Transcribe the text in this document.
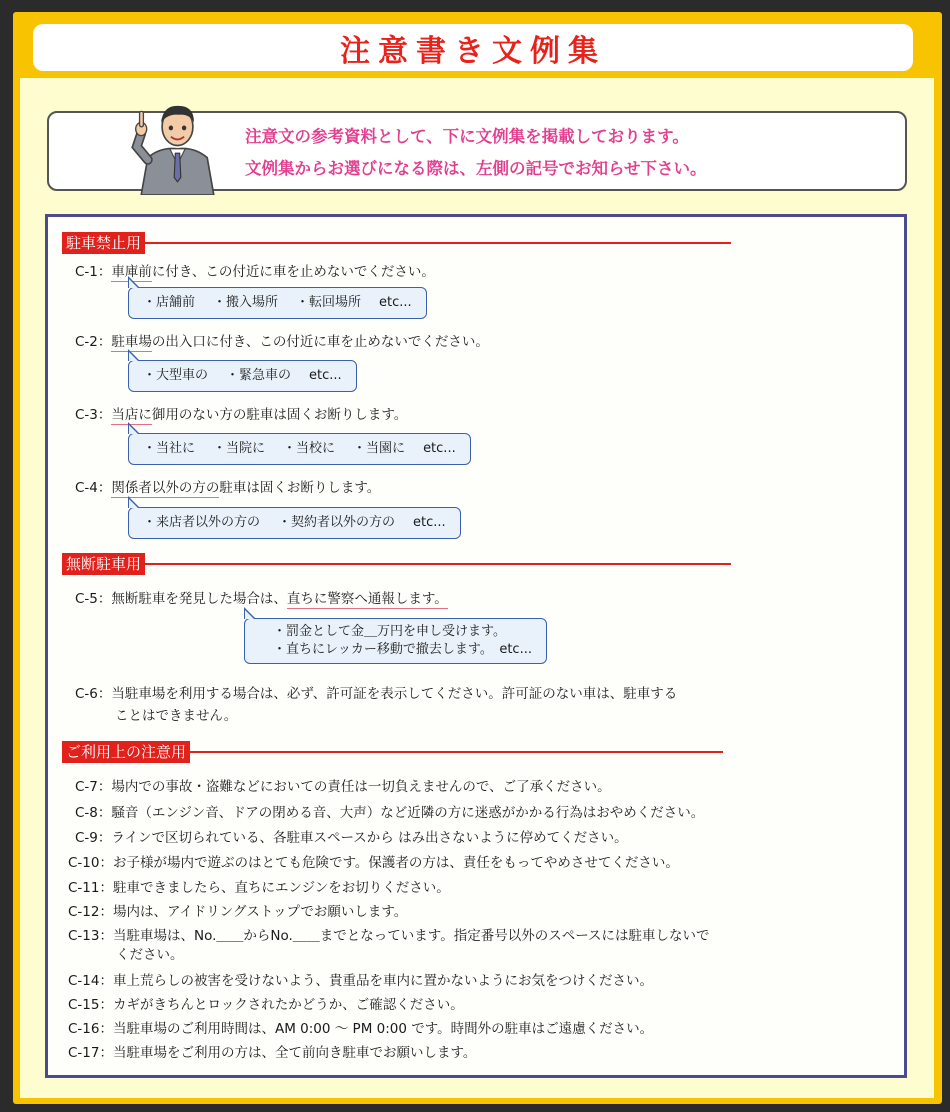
注意書き文例集
注意文の参考資料として、下に文例集を掲載しております。
文例集からお選びになる際は、左側の記号でお知らせ下さい。
駐車禁止用
C-1：車庫前に付き、この付近に車を止めないでください。
・店舗前 ・搬入場所 ・転回場所 etc...
C-2：駐車場の出入口に付き、この付近に車を止めないでください。
・大型車の ・緊急車の etc...
C-3：当店に御用のない方の駐車は固くお断りします。
・当社に ・当院に ・当校に ・当園に etc...
C-4：関係者以外の方の駐車は固くお断りします。
・来店者以外の方の ・契約者以外の方の etc...
無断駐車用
C-5：無断駐車を発見した場合は、直ちに警察へ通報します。
・罰金として金＿万円を申し受けます。
・直ちにレッカー移動で撤去します。　etc...
C-6：当駐車場を利用する場合は、必ず、許可証を表示してください。許可証のない車は、駐車する
ことはできません。
ご利用上の注意用
C-7：場内での事故・盗難などにおいての責任は一切負えませんので、ご了承ください。
C-8：騒音（エンジン音、ドアの閉める音、大声）など近隣の方に迷惑がかかる行為はおやめください。
C-9：ラインで区切られている、各駐車スペースから はみ出さないように停めてください。
C-10：お子様が場内で遊ぶのはとても危険です。保護者の方は、責任をもってやめさせてください。
C-11：駐車できましたら、直ちにエンジンをお切りください。
C-12：場内は、アイドリングストップでお願いします。
C-13：当駐車場は、No.＿＿からNo.＿＿までとなっています。指定番号以外のスペースには駐車しないで
ください。
C-14：車上荒らしの被害を受けないよう、貴重品を車内に置かないようにお気をつけください。
C-15：カギがきちんとロックされたかどうか、ご確認ください。
C-16：当駐車場のご利用時間は、AM 0:00 ～ PM 0:00 です。時間外の駐車はご遠慮ください。
C-17：当駐車場をご利用の方は、全て前向き駐車でお願いします。
